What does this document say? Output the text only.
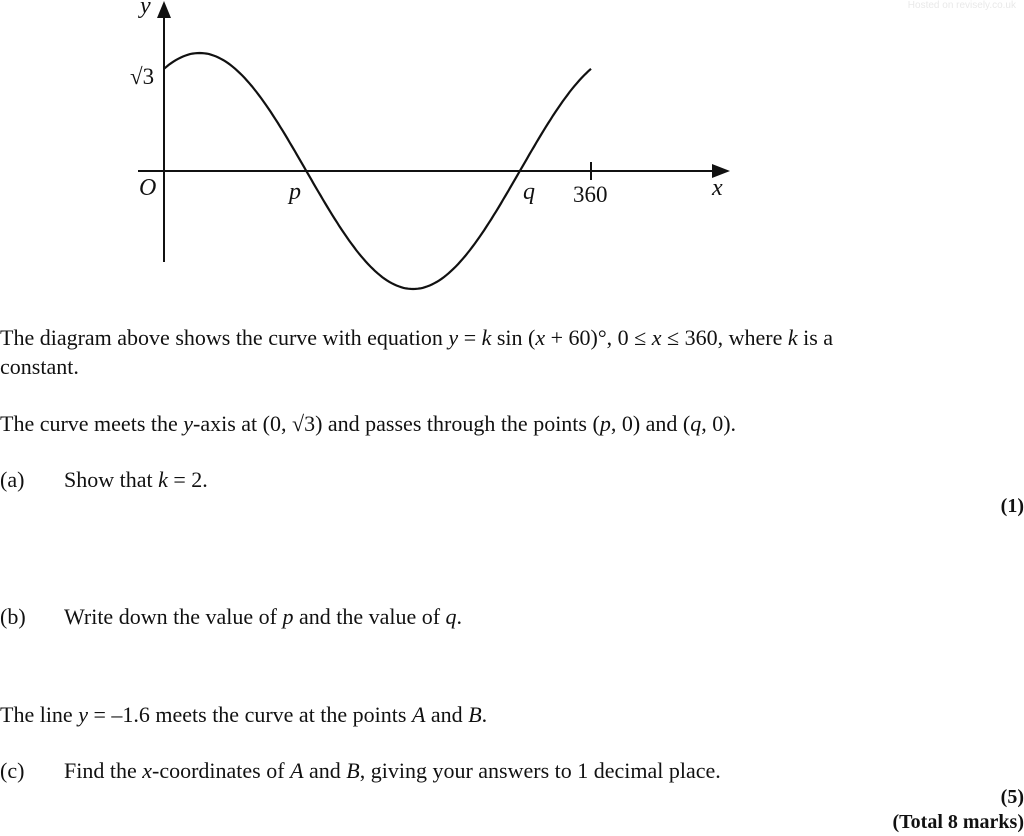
Hosted on revisely.co.uk
y
x
O
√3
p	q 360
The diagram above shows the curve with equation y = k sin (x + 60)°, 0 ≤ x ≤ 360, where k is a
constant.
The curve meets the y-axis at (0, √3) and passes through the points (p, 0) and (q, 0).
(a) Show that k = 2.
(1)
(b) Write down the value of p and the value of q.
The line y = –1.6 meets the curve at the points A and B.
(c) Find the x-coordinates of A and B, giving your answers to 1 decimal place.
(5)
(Total 8 marks)
